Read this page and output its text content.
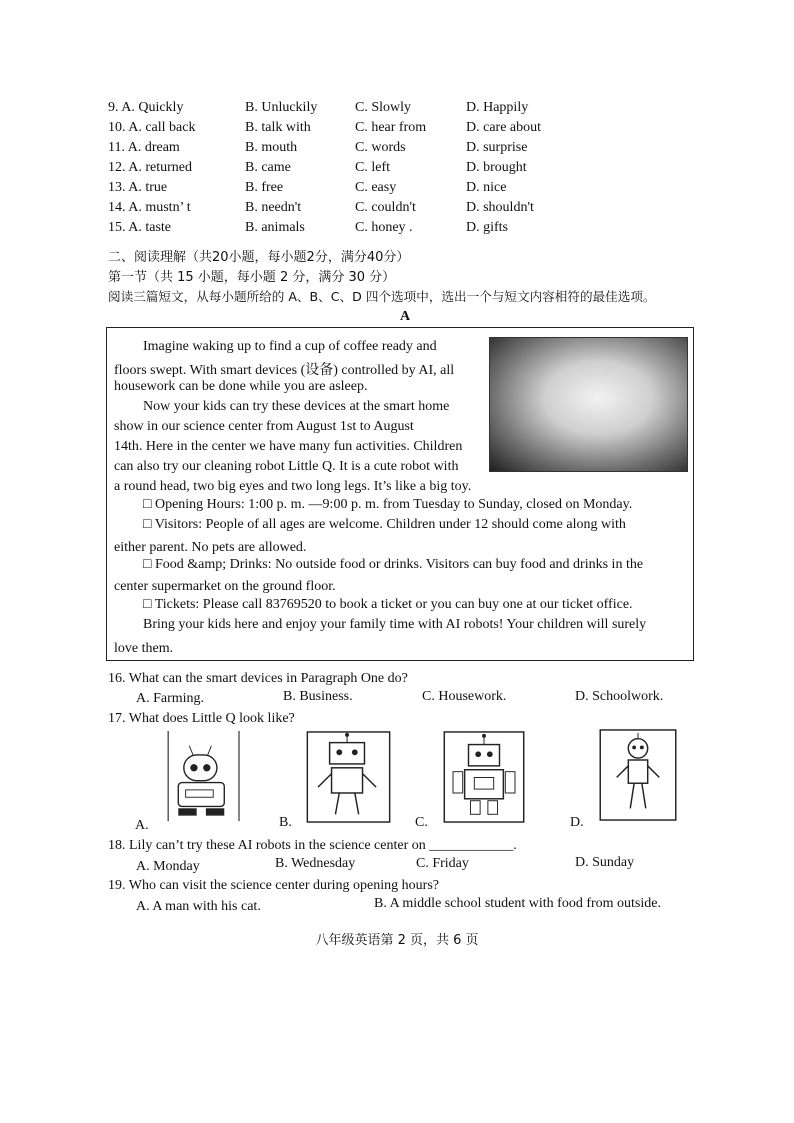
9. A. Quickly	B. Unluckily	C. Slowly	D. Happily
10. A. call back	B. talk with	C. hear from	D. care about
11. A. dream	B. mouth	C. words	D. surprise
12. A. returned	B. came	C. left	D. brought
13. A. true	B. free	C. easy	D. nice
14. A. mustn’ t	B. needn't	C. couldn't	D. shouldn't
15. A. taste	B. animals	C. honey .	D. gifts
二、阅读理解（共20小题，每小题2分，满分40分）
第一节（共 15 小题，每小题 2 分，满分 30 分）
阅读三篇短文，从每小题所给的 A、B、C、D 四个选项中，选出一个与短文内容相符的最佳选项。
A
Imagine waking up to find a cup of coffee ready and
floors swept. With smart devices (设备) controlled by AI, all
housework can be done while you are asleep.
Now your kids can try these devices at the smart home
show in our science center from August 1st to August
14th. Here in the center we have many fun activities. Children
can also try our cleaning robot Little Q. It is a cute robot with
a round head, two big eyes and two long legs. It’s like a big toy.
□ Opening Hours: 1:00 p. m. —9:00 p. m. from Tuesday to Sunday, closed on Monday.
□ Visitors: People of all ages are welcome. Children under 12 should come along with
either parent. No pets are allowed.
□ Food &amp; Drinks: No outside food or drinks. Visitors can buy food and drinks in the
center supermarket on the ground floor.
□ Tickets: Please call 83769520 to book a ticket or you can buy one at our ticket office.
Bring your kids here and enjoy your family time with AI robots! Your children will surely
love them.
16. What can the smart devices in Paragraph One do?
A. Farming.	B. Business.	C. Housework.	D. Schoolwork.
17. What does Little Q look like?
A.	B.	C.	D.
18. Lily can’t try these AI robots in the science center on ____________.
A. Monday	B. Wednesday	C. Friday	D. Sunday
19. Who can visit the science center during opening hours?
A. A man with his cat.	B. A middle school student with food from outside.
八年级英语第 2 页，共 6 页
